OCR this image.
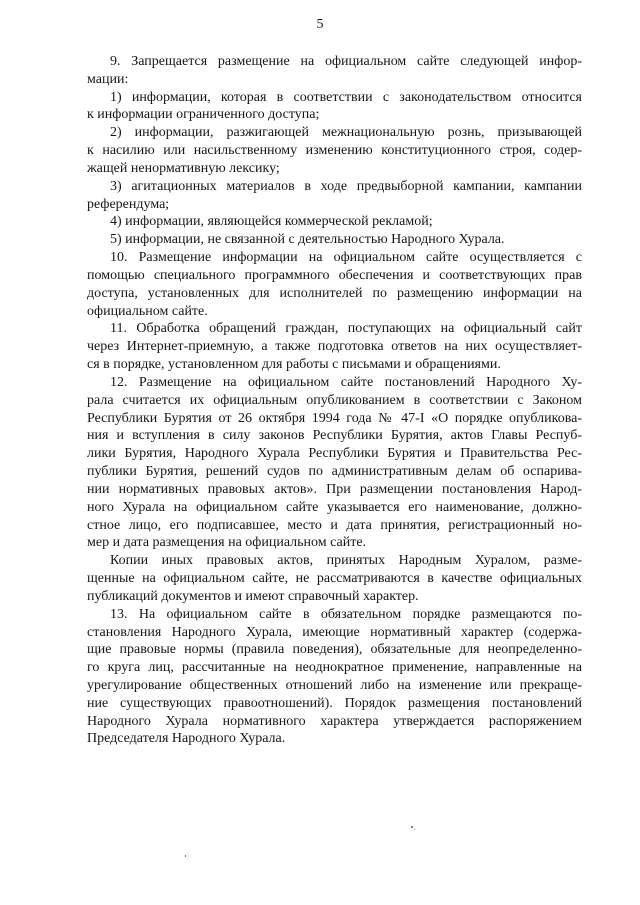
5
9. Запрещается размещение на официальном сайте следующей инфор-
мации:
1) информации, которая в соответствии с законодательством относится
к информации ограниченного доступа;
2) информации, разжигающей межнациональную рознь, призывающей
к насилию или насильственному изменению конституционного строя, содер-
жащей ненормативную лексику;
3) агитационных материалов в ходе предвыборной кампании, кампании
референдума;
4) информации, являющейся коммерческой рекламой;
5) информации, не связанной с деятельностью Народного Хурала.
10. Размещение информации на официальном сайте осуществляется с
помощью специального программного обеспечения и соответствующих прав
доступа, установленных для исполнителей по размещению информации на
официальном сайте.
11. Обработка обращений граждан, поступающих на официальный сайт
через Интернет-приемную, а также подготовка ответов на них осуществляет-
ся в порядке, установленном для работы с письмами и обращениями.
12. Размещение на официальном сайте постановлений Народного Ху-
рала считается их официальным опубликованием в соответствии с Законом
Республики Бурятия от 26 октября 1994 года № 47-I «О порядке опубликова-
ния и вступления в силу законов Республики Бурятия, актов Главы Респуб-
лики Бурятия, Народного Хурала Республики Бурятия и Правительства Рес-
публики Бурятия, решений судов по административным делам об оспарива-
нии нормативных правовых актов». При размещении постановления Народ-
ного Хурала на официальном сайте указывается его наименование, должно-
стное лицо, его подписавшее, место и дата принятия, регистрационный но-
мер и дата размещения на официальном сайте.
Копии иных правовых актов, принятых Народным Хуралом, разме-
щенные на официальном сайте, не рассматриваются в качестве официальных
публикаций документов и имеют справочный характер.
13. На официальном сайте в обязательном порядке размещаются по-
становления Народного Хурала, имеющие нормативный характер (содержа-
щие правовые нормы (правила поведения), обязательные для неопределенно-
го круга лиц, рассчитанные на неоднократное применение, направленные на
урегулирование общественных отношений либо на изменение или прекраще-
ние существующих правоотношений). Порядок размещения постановлений
Народного Хурала нормативного характера утверждается распоряжением
Председателя Народного Хурала.
